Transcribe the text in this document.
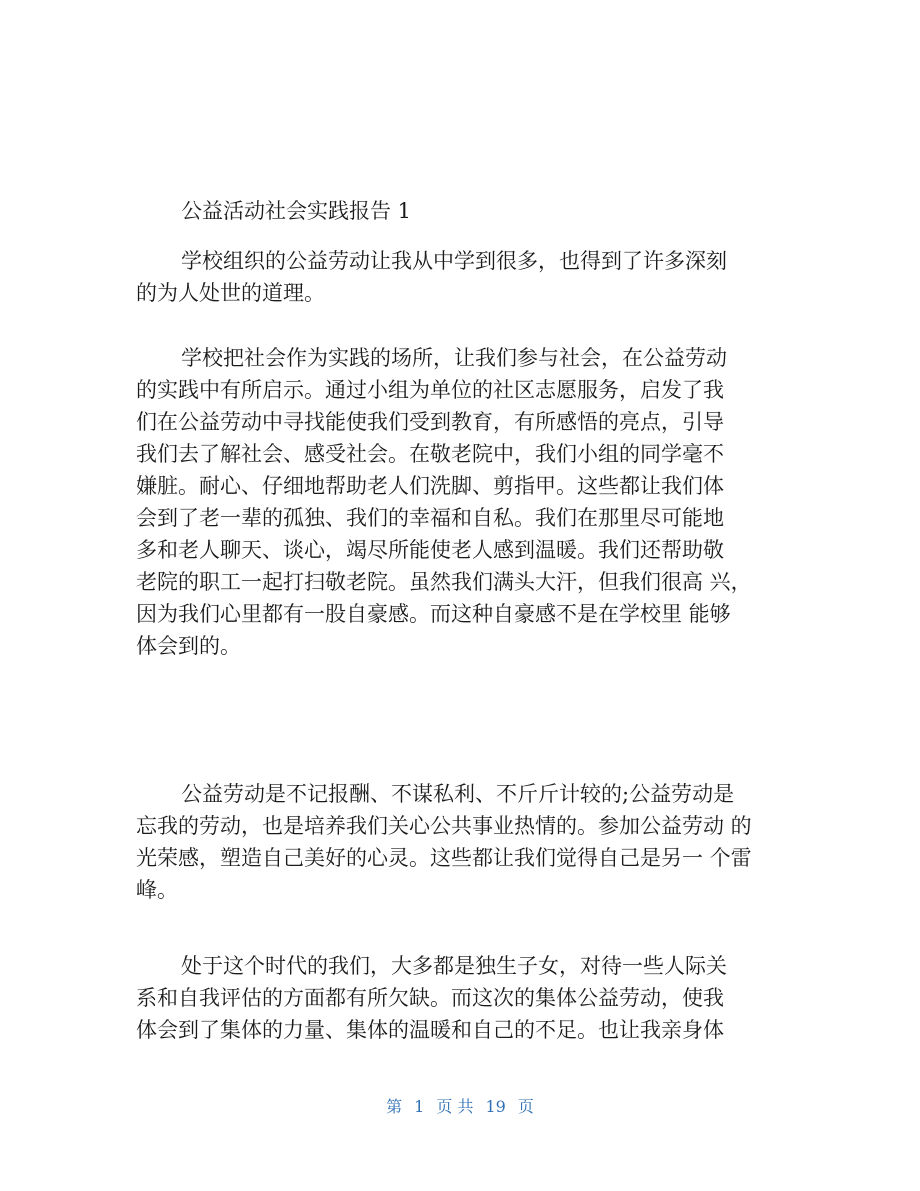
公益活动社会实践报告 1
学校组织的公益劳动让我从中学到很多，也得到了许多深刻
的为人处世的道理。
学校把社会作为实践的场所，让我们参与社会，在公益劳动
的实践中有所启示。通过小组为单位的社区志愿服务，启发了我
们在公益劳动中寻找能使我们受到教育，有所感悟的亮点，引导
我们去了解社会、感受社会。在敬老院中，我们小组的同学毫不
嫌脏。耐心、仔细地帮助老人们洗脚、剪指甲。这些都让我们体
会到了老一辈的孤独、我们的幸福和自私。我们在那里尽可能地
多和老人聊天、谈心，竭尽所能使老人感到温暖。我们还帮助敬
老院的职工一起打扫敬老院。虽然我们满头大汗，但我们很高 兴，
因为我们心里都有一股自豪感。而这种自豪感不是在学校里 能够
体会到的。
公益劳动是不记报酬、不谋私利、不斤斤计较的;公益劳动是
忘我的劳动，也是培养我们关心公共事业热情的。参加公益劳动 的
光荣感，塑造自己美好的心灵。这些都让我们觉得自己是另一 个雷
峰。
处于这个时代的我们，大多都是独生子女，对待一些人际关
系和自我评估的方面都有所欠缺。而这次的集体公益劳动，使我
体会到了集体的力量、集体的温暖和自己的不足。也让我亲身体
第 1 页 共 19 页
